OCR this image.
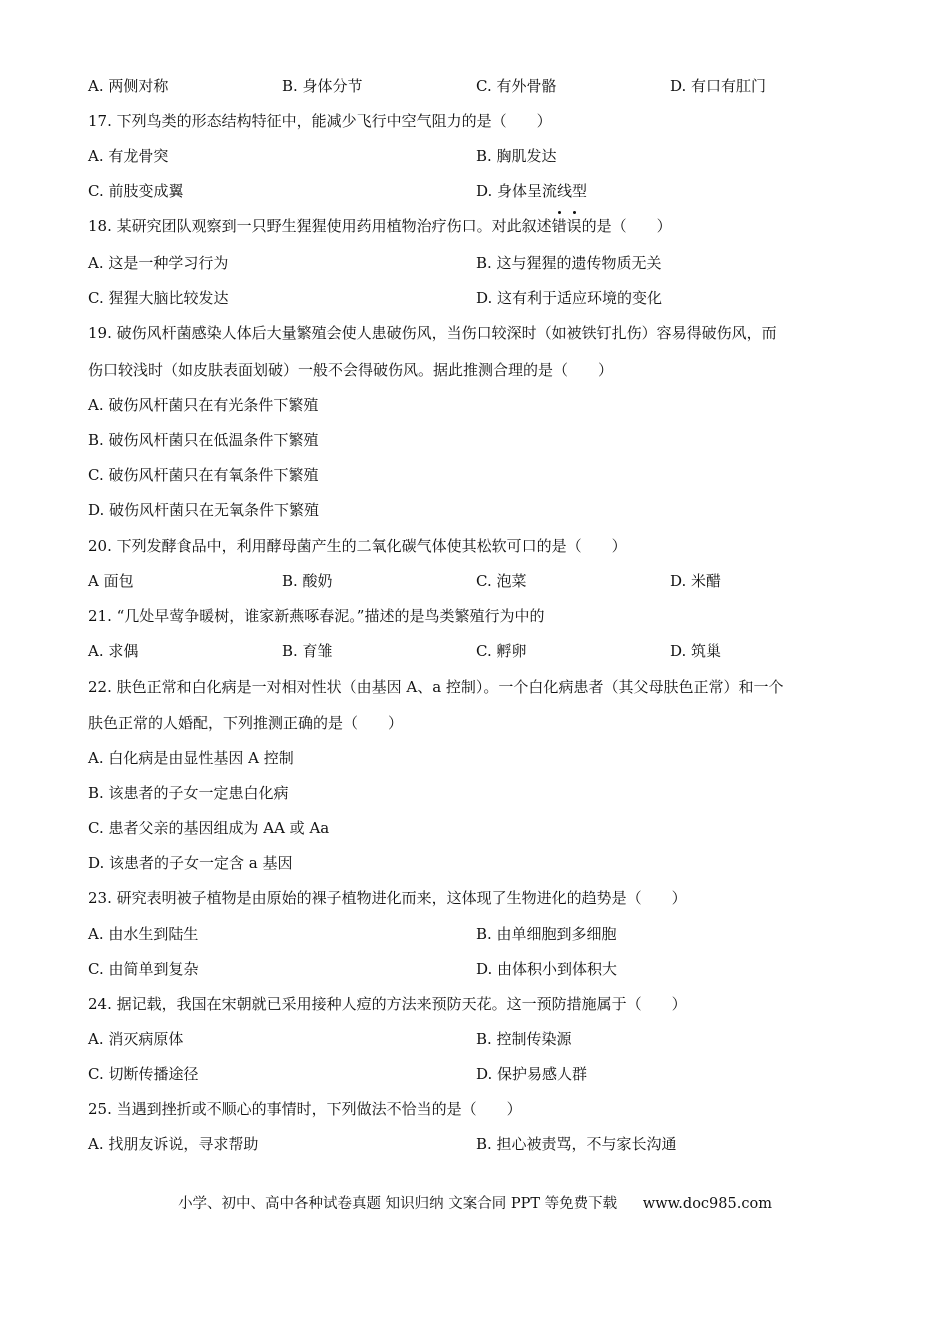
A. 两侧对称	B. 身体分节	C. 有外骨骼	D. 有口有肛门
17. 下列鸟类的形态结构特征中，能减少飞行中空气阻力的是（　　）
A. 有龙骨突	B. 胸肌发达
C. 前肢变成翼	D. 身体呈流线型
18. 某研究团队观察到一只野生猩猩使用药用植物治疗伤口。对此叙述错误的是（　　）
A. 这是一种学习行为	B. 这与猩猩的遗传物质无关
C. 猩猩大脑比较发达	D. 这有利于适应环境的变化
19. 破伤风杆菌感染人体后大量繁殖会使人患破伤风，当伤口较深时（如被铁钉扎伤）容易得破伤风，而
伤口较浅时（如皮肤表面划破）一般不会得破伤风。据此推测合理的是（　　）
A. 破伤风杆菌只在有光条件下繁殖
B. 破伤风杆菌只在低温条件下繁殖
C. 破伤风杆菌只在有氧条件下繁殖
D. 破伤风杆菌只在无氧条件下繁殖
20. 下列发酵食品中，利用酵母菌产生的二氧化碳气体使其松软可口的是（　　）
A 面包	B. 酸奶	C. 泡菜	D. 米醋
21. “几处早莺争暖树，谁家新燕啄春泥。”描述的是鸟类繁殖行为中的
A. 求偶	B. 育雏	C. 孵卵	D. 筑巢
22. 肤色正常和白化病是一对相对性状（由基因 A、a 控制）。一个白化病患者（其父母肤色正常）和一个
肤色正常的人婚配，下列推测正确的是（　　）
A. 白化病是由显性基因 A 控制
B. 该患者的子女一定患白化病
C. 患者父亲的基因组成为 AA 或 Aa
D. 该患者的子女一定含 a 基因
23. 研究表明被子植物是由原始的裸子植物进化而来，这体现了生物进化的趋势是（　　）
A. 由水生到陆生	B. 由单细胞到多细胞
C. 由简单到复杂	D. 由体积小到体积大
24. 据记载，我国在宋朝就已采用接种人痘的方法来预防天花。这一预防措施属于（　　）
A. 消灭病原体	B. 控制传染源
C. 切断传播途径	D. 保护易感人群
25. 当遇到挫折或不顺心的事情时，下列做法不恰当的是（　　）
A. 找朋友诉说，寻求帮助	B. 担心被责骂，不与家长沟通
小学、初中、高中各种试卷真题 知识归纳 文案合同 PPT 等免费下载 www.doc985.com
